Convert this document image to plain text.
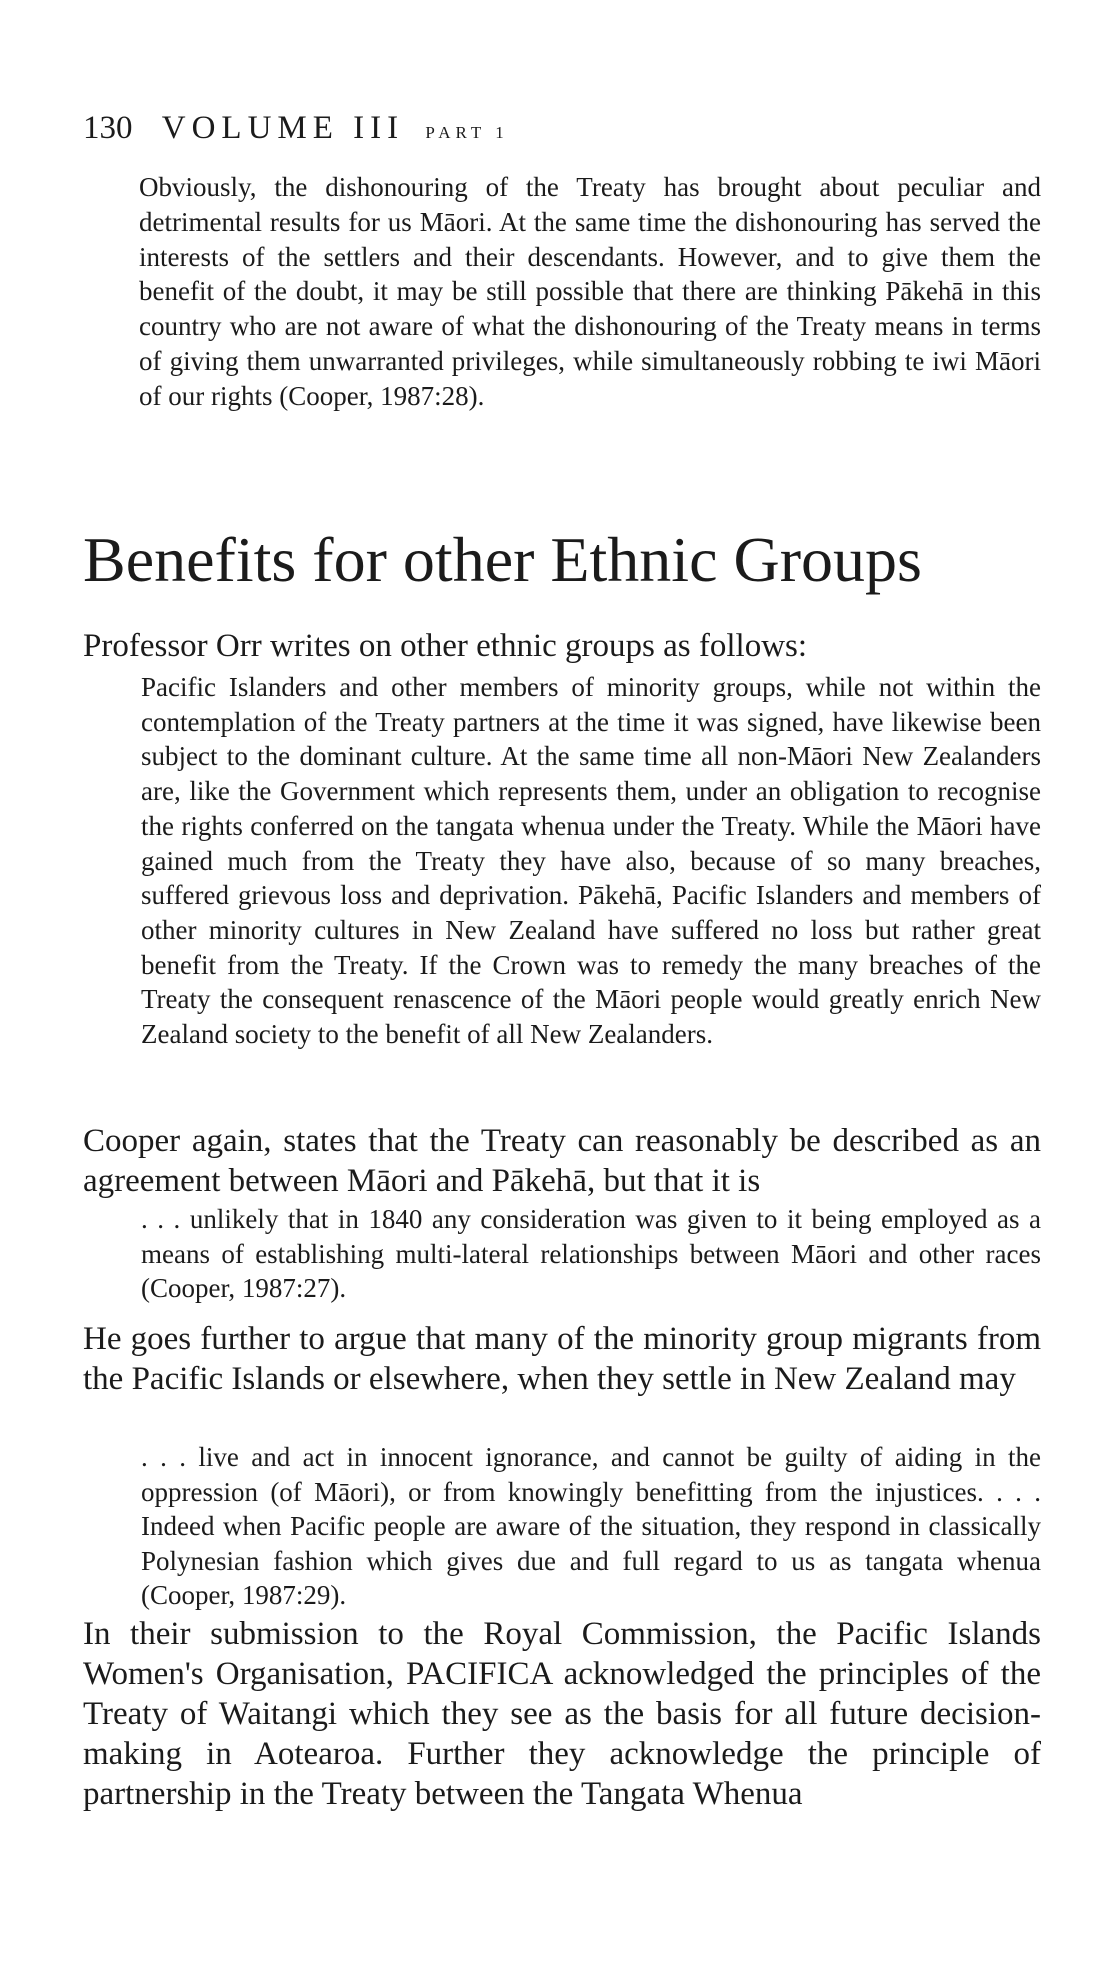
130 VOLUME III PART 1

Obviously, the dishonouring of the Treaty has brought about peculiar and detrimental results for us Māori. At the same time the dishonouring has served the interests of the settlers and their descendants. However, and to give them the benefit of the doubt, it may be still possible that there are thinking Pākehā in this country who are not aware of what the dishonouring of the Treaty means in terms of giving them unwarranted privileges, while simultaneously robbing te iwi Māori of our rights (Cooper, 1987:28).

Benefits for other Ethnic Groups

Professor Orr writes on other ethnic groups as follows:

Pacific Islanders and other members of minority groups, while not within the contemplation of the Treaty partners at the time it was signed, have likewise been subject to the dominant culture. At the same time all non-Māori New Zealanders are, like the Government which represents them, under an obligation to recognise the rights conferred on the tangata whenua under the Treaty. While the Māori have gained much from the Treaty they have also, because of so many breaches, suffered grievous loss and deprivation. Pākehā, Pacific Islanders and members of other minority cultures in New Zealand have suffered no loss but rather great benefit from the Treaty. If the Crown was to remedy the many breaches of the Treaty the consequent renascence of the Māori people would greatly enrich New Zealand society to the benefit of all New Zealanders.

Cooper again, states that the Treaty can reasonably be described as an agreement between Māori and Pākehā, but that it is

. . . unlikely that in 1840 any consideration was given to it being employed as a means of establishing multi-lateral relationships between Māori and other races (Cooper, 1987:27).

He goes further to argue that many of the minority group migrants from the Pacific Islands or elsewhere, when they settle in New Zealand may

. . . live and act in innocent ignorance, and cannot be guilty of aiding in the oppression (of Māori), or from knowingly benefitting from the injustices. . . . Indeed when Pacific people are aware of the situation, they respond in classically Polynesian fashion which gives due and full regard to us as tangata whenua (Cooper, 1987:29).

In their submission to the Royal Commission, the Pacific Islands Women's Organisation, PACIFICA acknowledged the principles of the Treaty of Waitangi which they see as the basis for all future decision-making in Aotearoa. Further they acknowledge the principle of partnership in the Treaty between the Tangata Whenua
